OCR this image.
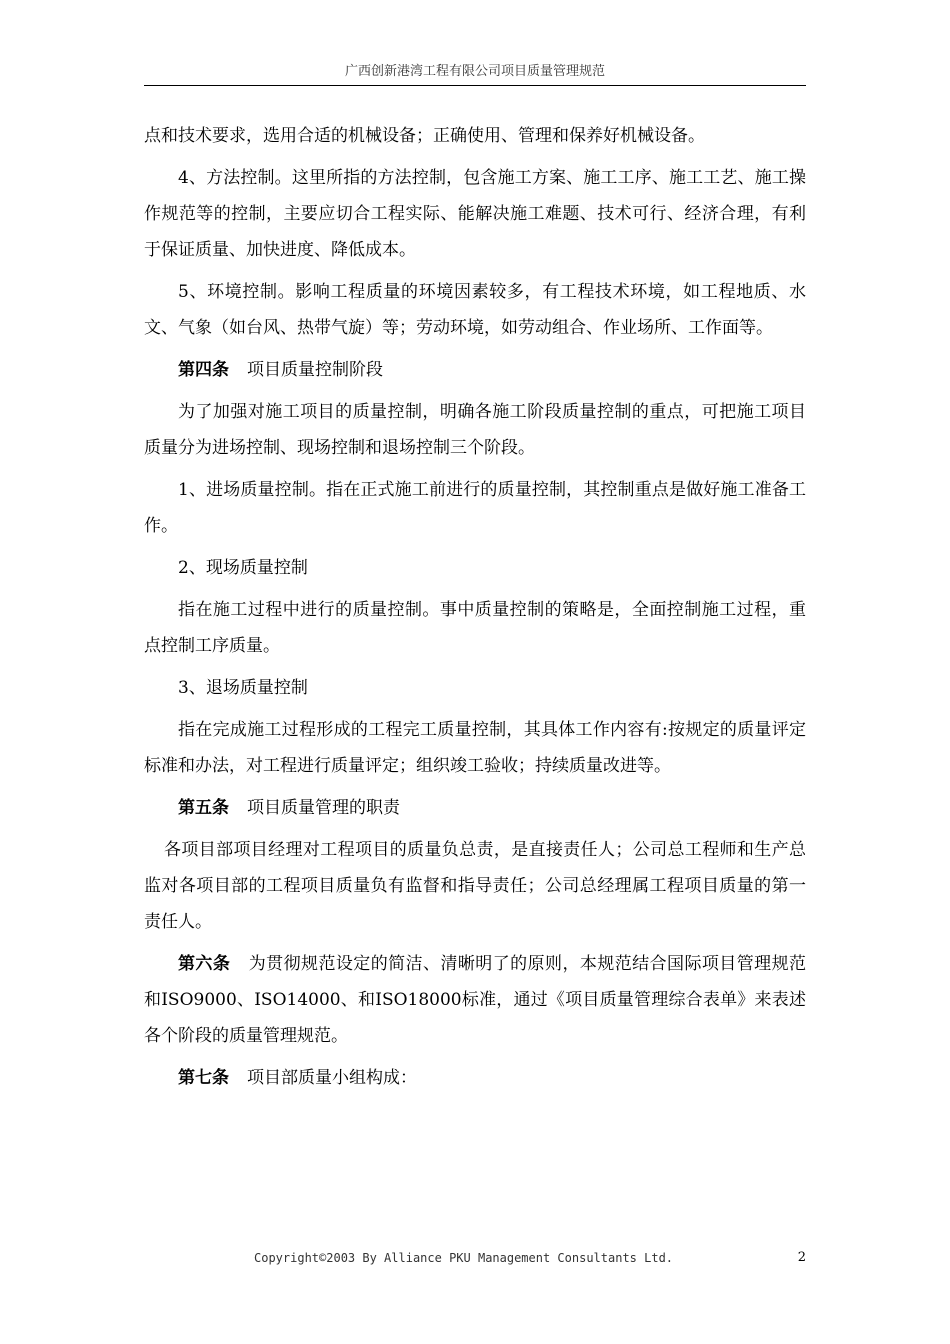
广西创新港湾工程有限公司项目质量管理规范

点和技术要求，选用合适的机械设备；正确使用、管理和保养好机械设备。

4、方法控制。这里所指的方法控制，包含施工方案、施工工序、施工工艺、施工操作规范等的控制，主要应切合工程实际、能解决施工难题、技术可行、经济合理，有利于保证质量、加快进度、降低成本。

5、环境控制。影响工程质量的环境因素较多，有工程技术环境，如工程地质、水文、气象（如台风、热带气旋）等；劳动环境，如劳动组合、作业场所、工作面等。

第四条 项目质量控制阶段

为了加强对施工项目的质量控制，明确各施工阶段质量控制的重点，可把施工项目质量分为进场控制、现场控制和退场控制三个阶段。

1、进场质量控制。指在正式施工前进行的质量控制，其控制重点是做好施工准备工作。

2、现场质量控制

指在施工过程中进行的质量控制。事中质量控制的策略是，全面控制施工过程，重点控制工序质量。

3、退场质量控制

指在完成施工过程形成的工程完工质量控制，其具体工作内容有:按规定的质量评定标准和办法，对工程进行质量评定；组织竣工验收；持续质量改进等。

第五条 项目质量管理的职责

各项目部项目经理对工程项目的质量负总责，是直接责任人；公司总工程师和生产总监对各项目部的工程项目质量负有监督和指导责任；公司总经理属工程项目质量的第一责任人。

第六条 为贯彻规范设定的简洁、清晰明了的原则，本规范结合国际项目管理规范和ISO9000、ISO14000、和ISO18000标准，通过《项目质量管理综合表单》来表述各个阶段的质量管理规范。

第七条 项目部质量小组构成：

Copyright©2003 By Alliance PKU Management Consultants Ltd.	2
